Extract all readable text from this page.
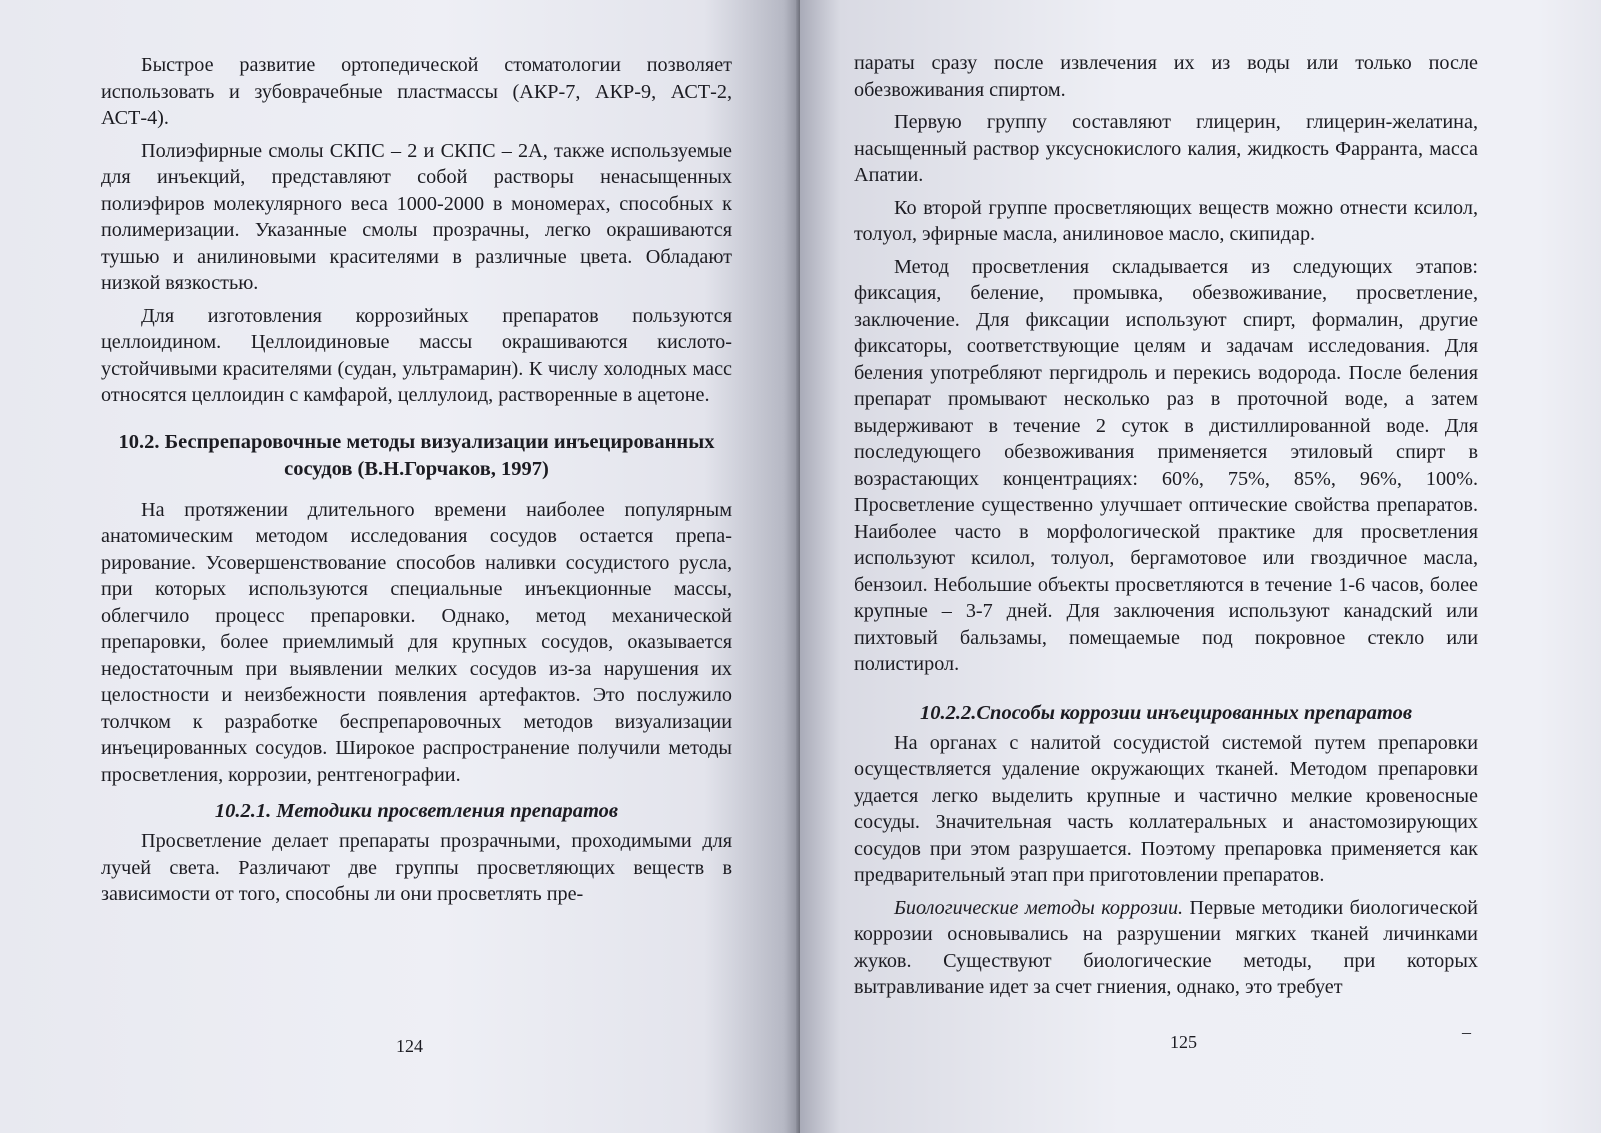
Быстрое развитие ортопедической стоматологии позволяет использовать и зубоврачебные пластмассы (АКР-7, АКР-9, АСТ-2, АСТ-4).

Полиэфирные смолы СКПС – 2 и СКПС – 2А, также используемые для инъекций, представляют собой растворы ненасыщенных полиэфиров молекулярного веса 1000-2000 в мономерах, способных к полимеризации. Указанные смолы прозрачны, легко окрашиваются тушью и анилиновыми красителями в различные цвета. Обладают низкой вязкостью.

Для изготовления коррозийных препаратов пользуются целлоидином. Целлоидиновые массы окрашиваются кислотоустойчивыми красителями (судан, ультрамарин). К числу холодных масс относятся целлоидин с камфарой, целлулоид, растворенные в ацетоне.

10.2. Беспрепаровочные методы визуализации инъецированных сосудов (В.Н.Горчаков, 1997)

На протяжении длительного времени наиболее популярным анатомическим методом исследования сосудов остается препарирование. Усовершенствование способов наливки сосудистого русла, при которых используются специальные инъекционные массы, облегчило процесс препаровки. Однако, метод механической препаровки, более приемлимый для крупных сосудов, оказывается недостаточным при выявлении мелких сосудов из-за нарушения их целостности и неизбежности появления артефактов. Это послужило толчком к разработке беспрепаровочных методов визуализации инъецированных сосудов. Широкое распространение получили методы просветления, коррозии, рентгенографии.

10.2.1. Методики просветления препаратов

Просветление делает препараты прозрачными, проходимыми для лучей света. Различают две группы просветляющих веществ в зависимости от того, способны ли они просветлять пре-

124

параты сразу после извлечения их из воды или только после обезвоживания спиртом.

Первую группу составляют глицерин, глицерин-желатина, насыщенный раствор уксуснокислого калия, жидкость Фарранта, масса Апатии.

Ко второй группе просветляющих веществ можно отнести ксилол, толуол, эфирные масла, анилиновое масло, скипидар.

Метод просветления складывается из следующих этапов: фиксация, беление, промывка, обезвоживание, просветление, заключение. Для фиксации используют спирт, формалин, другие фиксаторы, соответствующие целям и задачам исследования. Для беления употребляют пергидроль и перекись водорода. После беления препарат промывают несколько раз в проточной воде, а затем выдерживают в течение 2 суток в дистиллированной воде. Для последующего обезвоживания применяется этиловый спирт в возрастающих концентрациях: 60%, 75%, 85%, 96%, 100%. Просветление существенно улучшает оптические свойства препаратов. Наиболее часто в морфологической практике для просветления используют ксилол, толуол, бергамотовое или гвоздичное масла, бензоил. Небольшие объекты просветляются в течение 1-6 часов, более крупные – 3-7 дней. Для заключения используют канадский или пихтовый бальзамы, помещаемые под покровное стекло или полистирол.

10.2.2.Способы коррозии инъецированных препаратов

На органах с налитой сосудистой системой путем препаровки осуществляется удаление окружающих тканей. Методом препаровки удается легко выделить крупные и частично мелкие кровеносные сосуды. Значительная часть коллатеральных и анастомозирующих сосудов при этом разрушается. Поэтому препаровка применяется как предварительный этап при приготовлении препаратов.

Биологические методы коррозии. Первые методики биологической коррозии основывались на разрушении мягких тканей личинками жуков. Существуют биологические методы, при которых вытравливание идет за счет гниения, однако, это требует

125	–
